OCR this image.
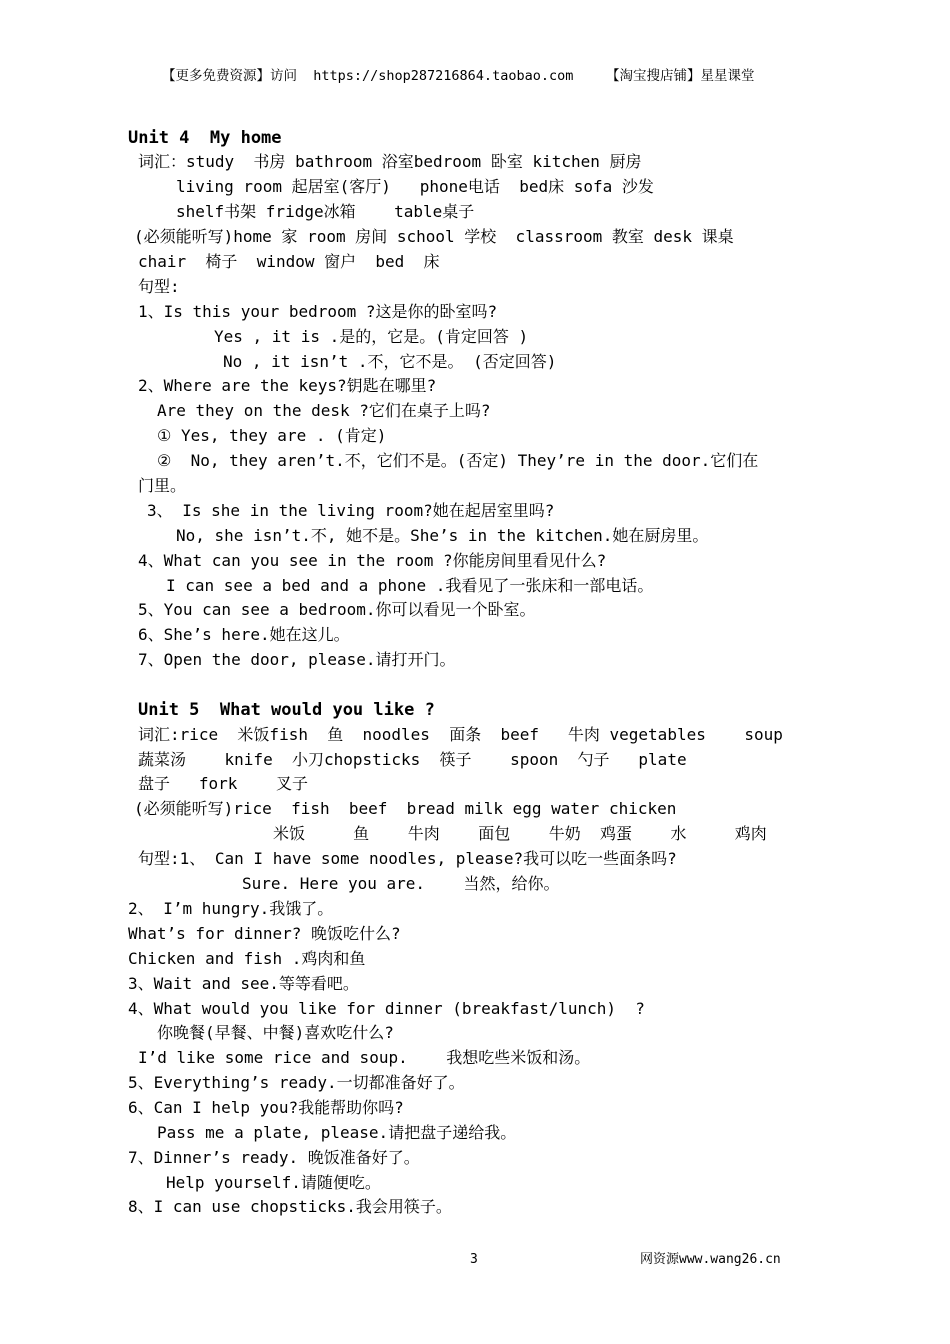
【更多免费资源】访问  https://shop287216864.taobao.com 【淘宝搜店铺】星星课堂
Unit 4  My home
词汇：study  书房 bathroom 浴室bedroom 卧室 kitchen 厨房
living room 起居室(客厅)   phone电话  bed床 sofa 沙发
shelf书架 fridge冰箱    table桌子
(必须能听写)home 家 room 房间 school 学校  classroom 教室 desk 课桌
chair  椅子  window 窗户  bed  床
句型:
1、Is this your bedroom ?这是你的卧室吗?
Yes , it is .是的，它是。(肯定回答 )
No , it isn’t .不，它不是。 (否定回答)
2、Where are the keys?钥匙在哪里?
Are they on the desk ?它们在桌子上吗?
① Yes, they are . (肯定)
②  No, they aren’t.不，它们不是。(否定) They’re in the door.它们在
门里。
3、 Is she in the living room?她在起居室里吗?
No, she isn’t.不, 她不是。She’s in the kitchen.她在厨房里。
4、What can you see in the room ?你能房间里看见什么?
I can see a bed and a phone .我看见了一张床和一部电话。
5、You can see a bedroom.你可以看见一个卧室。
6、She’s here.她在这儿。
7、Open the door, please.请打开门。
Unit 5  What would you like ?
词汇:rice  米饭fish  鱼  noodles  面条  beef   牛肉 vegetables    soup
蔬菜汤    knife  小刀chopsticks  筷子    spoon  勺子   plate
盘子   fork    叉子
(必须能听写)rice  fish  beef  bread milk egg water chicken
米饭     鱼    牛肉    面包    牛奶  鸡蛋    水     鸡肉
句型:1、 Can I have some noodles, please?我可以吃一些面条吗?
Sure. Here you are.    当然，给你。
2、 I’m hungry.我饿了。
What’s for dinner? 晚饭吃什么?
Chicken and fish .鸡肉和鱼
3、Wait and see.等等看吧。
4、What would you like for dinner (breakfast/lunch)  ?
你晚餐(早餐、中餐)喜欢吃什么?
I’d like some rice and soup.    我想吃些米饭和汤。
5、Everything’s ready.一切都准备好了。
6、Can I help you?我能帮助你吗?
Pass me a plate, please.请把盘子递给我。
7、Dinner’s ready. 晚饭准备好了。
Help yourself.请随便吃。
8、I can use chopsticks.我会用筷子。
3	网资源www.wang26.cn
